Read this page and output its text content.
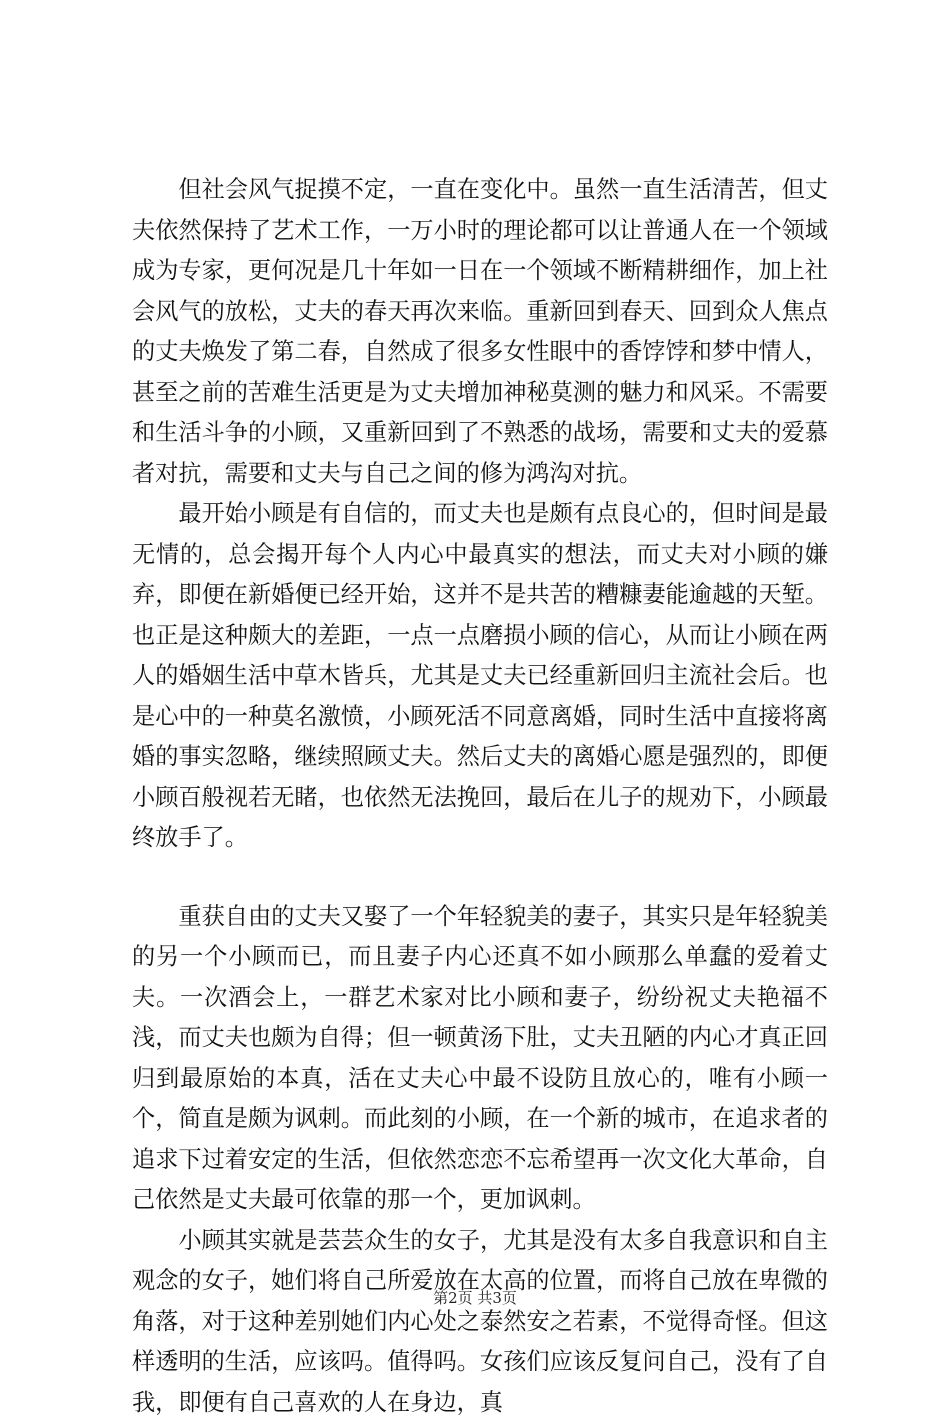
但社会风气捉摸不定，一直在变化中。虽然一直生活清苦，但丈夫依然保持了艺术工作，一万小时的理论都可以让普通人在一个领域成为专家，更何况是几十年如一日在一个领域不断精耕细作，加上社会风气的放松，丈夫的春天再次来临。重新回到春天、回到众人焦点的丈夫焕发了第二春，自然成了很多女性眼中的香饽饽和梦中情人，甚至之前的苦难生活更是为丈夫增加神秘莫测的魅力和风采。不需要和生活斗争的小顾，又重新回到了不熟悉的战场，需要和丈夫的爱慕者对抗，需要和丈夫与自己之间的修为鸿沟对抗。

最开始小顾是有自信的，而丈夫也是颇有点良心的，但时间是最无情的，总会揭开每个人内心中最真实的想法，而丈夫对小顾的嫌弃，即便在新婚便已经开始，这并不是共苦的糟糠妻能逾越的天堑。也正是这种颇大的差距，一点一点磨损小顾的信心，从而让小顾在两人的婚姻生活中草木皆兵，尤其是丈夫已经重新回归主流社会后。也是心中的一种莫名激愤，小顾死活不同意离婚，同时生活中直接将离婚的事实忽略，继续照顾丈夫。然后丈夫的离婚心愿是强烈的，即便小顾百般视若无睹，也依然无法挽回，最后在儿子的规劝下，小顾最终放手了。

重获自由的丈夫又娶了一个年轻貌美的妻子，其实只是年轻貌美的另一个小顾而已，而且妻子内心还真不如小顾那么单蠢的爱着丈夫。一次酒会上，一群艺术家对比小顾和妻子，纷纷祝丈夫艳福不浅，而丈夫也颇为自得；但一顿黄汤下肚，丈夫丑陋的内心才真正回归到最原始的本真，活在丈夫心中最不设防且放心的，唯有小顾一个，简直是颇为讽刺。而此刻的小顾，在一个新的城市，在追求者的追求下过着安定的生活，但依然恋恋不忘希望再一次文化大革命，自己依然是丈夫最可依靠的那一个，更加讽刺。

小顾其实就是芸芸众生的女子，尤其是没有太多自我意识和自主观念的女子，她们将自己所爱放在太高的位置，而将自己放在卑微的角落，对于这种差别她们内心处之泰然安之若素，不觉得奇怪。但这样透明的生活，应该吗。值得吗。女孩们应该反复问自己，没有了自我，即便有自己喜欢的人在身边，真

第2页 共3页
